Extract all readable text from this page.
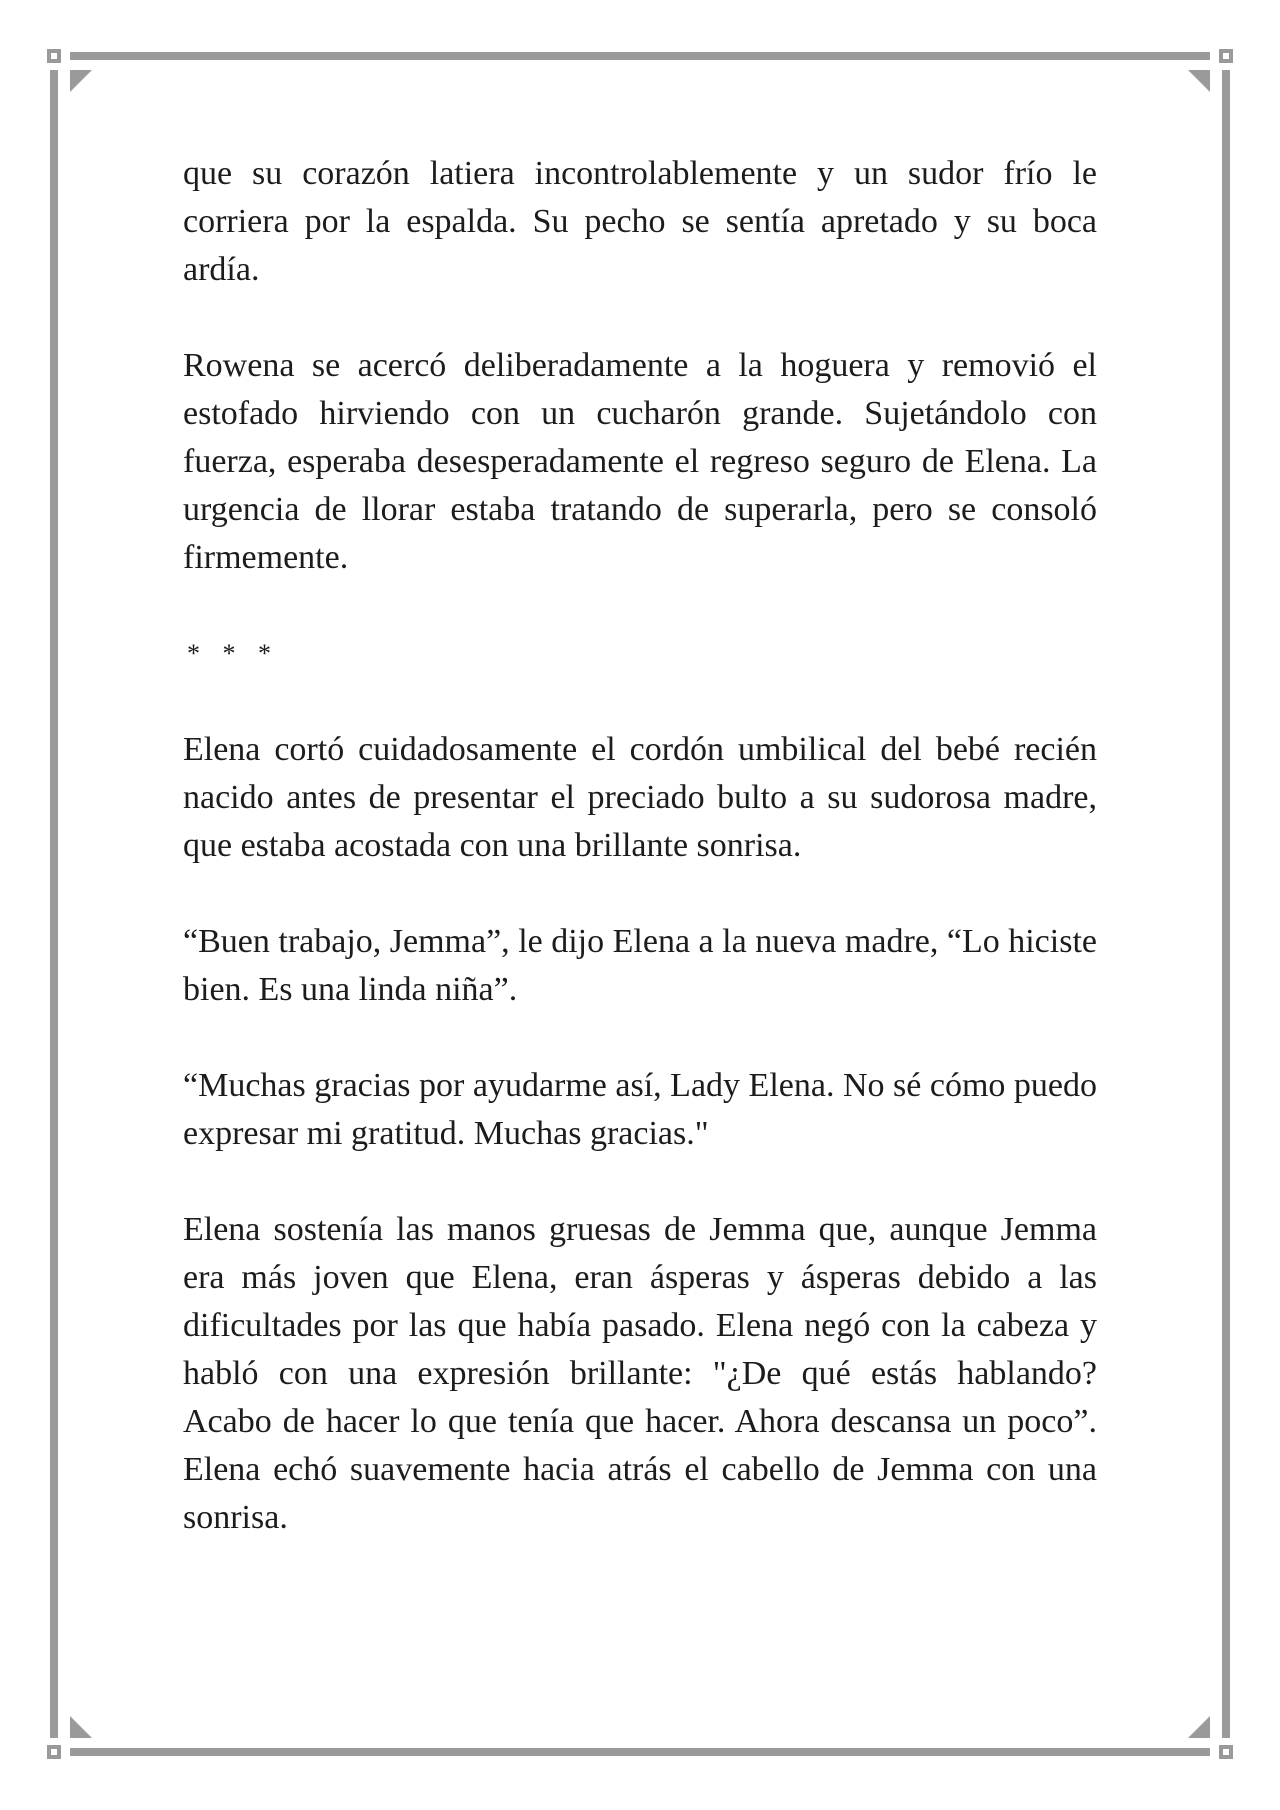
que su corazón latiera incontrolablemente y un sudor frío le corriera por la espalda. Su pecho se sentía apretado y su boca ardía.

Rowena se acercó deliberadamente a la hoguera y removió el estofado hirviendo con un cucharón grande. Sujetándolo con fuerza, esperaba desesperadamente el regreso seguro de Elena. La urgencia de llorar estaba tratando de superarla, pero se consoló firmemente.

* * *

Elena cortó cuidadosamente el cordón umbilical del bebé recién nacido antes de presentar el preciado bulto a su sudorosa madre, que estaba acostada con una brillante sonrisa.

“Buen trabajo, Jemma”, le dijo Elena a la nueva madre, “Lo hiciste bien. Es una linda niña”.

“Muchas gracias por ayudarme así, Lady Elena. No sé cómo puedo expresar mi gratitud. Muchas gracias."

Elena sostenía las manos gruesas de Jemma que, aunque Jemma era más joven que Elena, eran ásperas y ásperas debido a las dificultades por las que había pasado. Elena negó con la cabeza y habló con una expresión brillante: "¿De qué estás hablando? Acabo de hacer lo que tenía que hacer. Ahora descansa un poco”. Elena echó suavemente hacia atrás el cabello de Jemma con una sonrisa.
